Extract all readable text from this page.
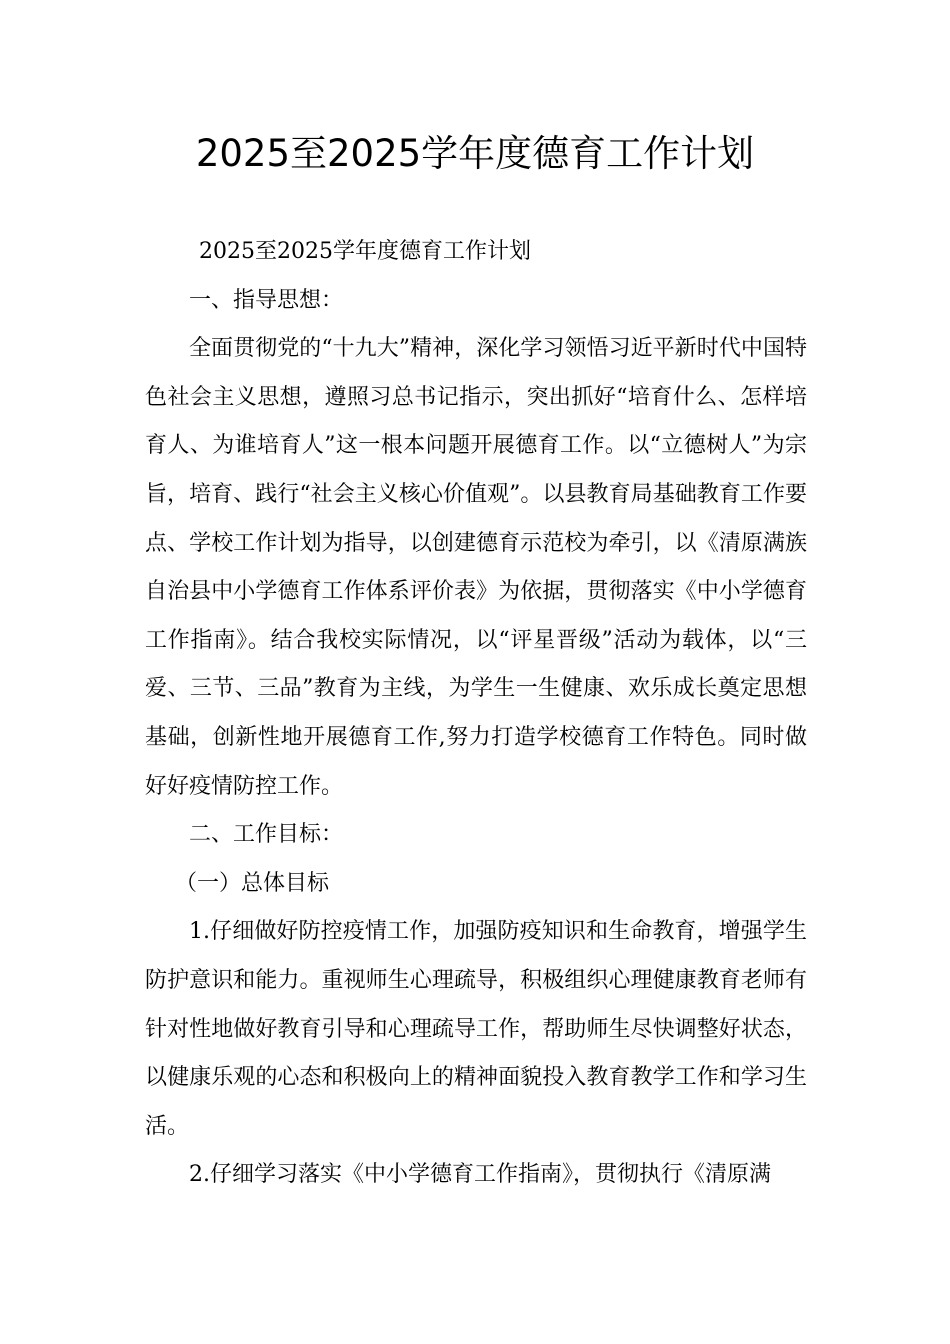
2025至2025学年度德育工作计划

2025至2025学年度德育工作计划

一、指导思想：

全面贯彻党的“十九大”精神，深化学习领悟习近平新时代中国特色社会主义思想，遵照习总书记指示，突出抓好“培育什么、怎样培育人、为谁培育人”这一根本问题开展德育工作。以“立德树人”为宗旨，培育、践行“社会主义核心价值观”。以县教育局基础教育工作要点、学校工作计划为指导，以创建德育示范校为牵引，以《清原满族自治县中小学德育工作体系评价表》为依据，贯彻落实《中小学德育工作指南》。结合我校实际情况，以“评星晋级”活动为载体，以“三爱、三节、三品”教育为主线，为学生一生健康、欢乐成长奠定思想基础，创新性地开展德育工作,努力打造学校德育工作特色。同时做好好疫情防控工作。

二、工作目标：

（一）总体目标

1.仔细做好防控疫情工作，加强防疫知识和生命教育，增强学生防护意识和能力。重视师生心理疏导，积极组织心理健康教育老师有针对性地做好教育引导和心理疏导工作，帮助师生尽快调整好状态，以健康乐观的心态和积极向上的精神面貌投入教育教学工作和学习生活。

2.仔细学习落实《中小学德育工作指南》，贯彻执行《清原满
